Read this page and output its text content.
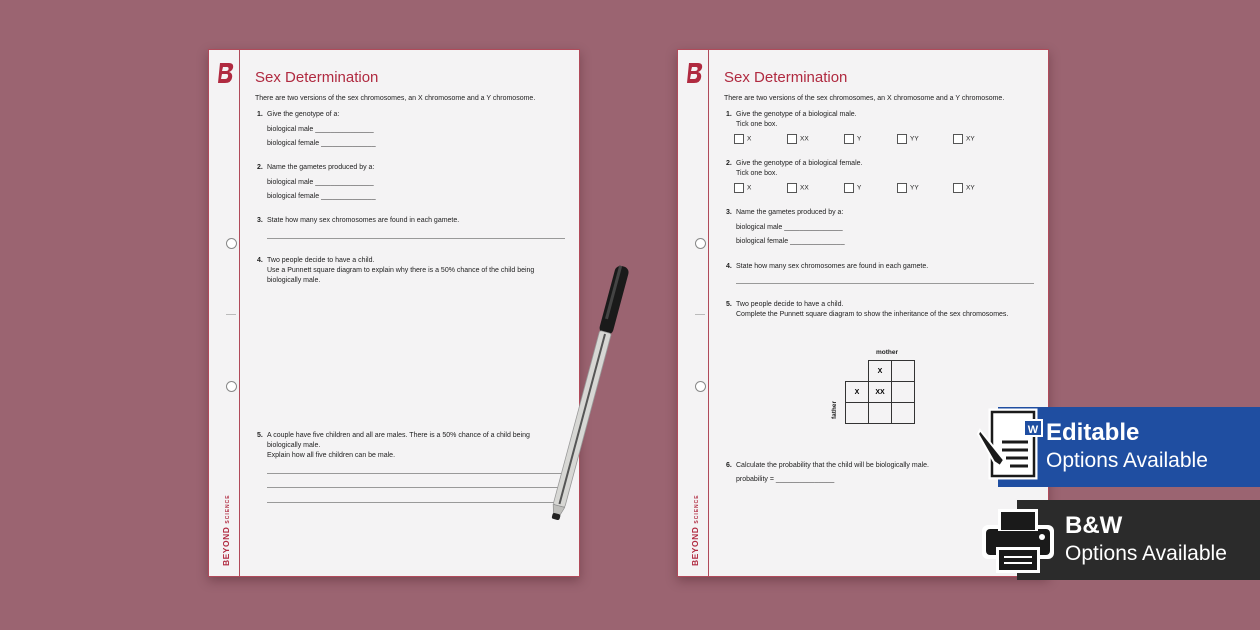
BEYONDSCIENCE
Sex Determination
There are two versions of the sex chromosomes, an X chromosome and a Y chromosome.
1. Give the genotype of a:
biological male _______________
biological female ______________
2. Name the gametes produced by a:
biological male _______________
biological female ______________
3. State how many sex chromosomes are found in each gamete.
4. Two people decide to have a child.
Use a Punnett square diagram to explain why there is a 50% chance of the child being
biologically male.
5. A couple have five children and all are males. There is a 50% chance of a child being
biologically male.
Explain how all five children can be male.
BEYONDSCIENCE
Sex Determination
There are two versions of the sex chromosomes, an X chromosome and a Y chromosome.
1. Give the genotype of a biological male.
Tick one box.
X	XX	Y	YY	XY
2. Give the genotype of a biological female.
Tick one box.
X	XX	Y	YY	XY
3. Name the gametes produced by a:
biological male _______________
biological female ______________
4. State how many sex chromosomes are found in each gamete.
5. Two people decide to have a child.
Complete the Punnett square diagram to show the inheritance of the sex chromosomes.
mother
father
	X	
X	XX	

6. Calculate the probability that the child will be biologically male.
probability = _______________
Editable
Options Available
W
B&W
Options Available
